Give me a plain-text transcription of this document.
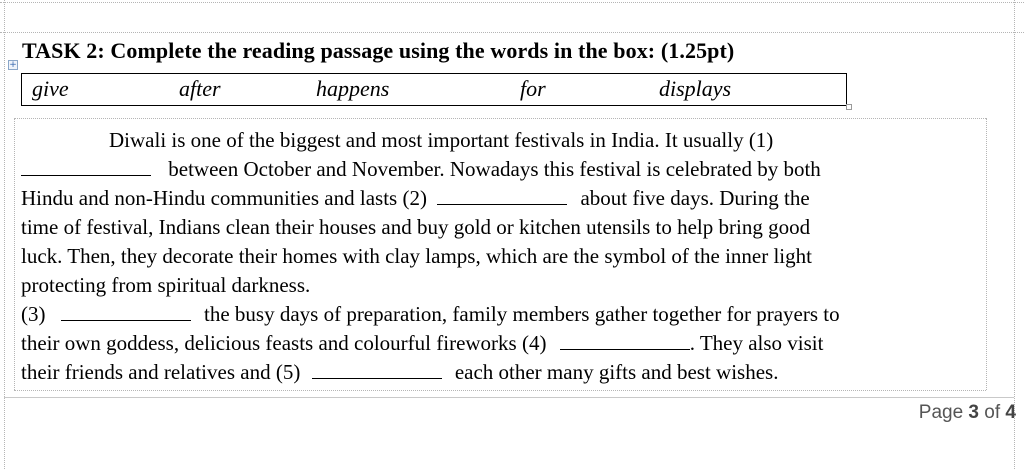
+
TASK 2: Complete the reading passage using the words in the box: (1.25pt)
give	after	happens	for	displays
Diwali is one of the biggest and most important festivals in India. It usually (1)
between October and November. Nowadays this festival is celebrated by both
Hindu and non-Hindu communities and lasts (2)	about five days. During the
time of festival, Indians clean their houses and buy gold or kitchen utensils to help bring good
luck. Then, they decorate their homes with clay lamps, which are the symbol of the inner light
protecting from spiritual darkness.
(3)	the busy days of preparation, family members gather together for prayers to
their own goddess, delicious feasts and colourful fireworks (4)	. They also visit
their friends and relatives and (5)	each other many gifts and best wishes.
Page 3 of 4
